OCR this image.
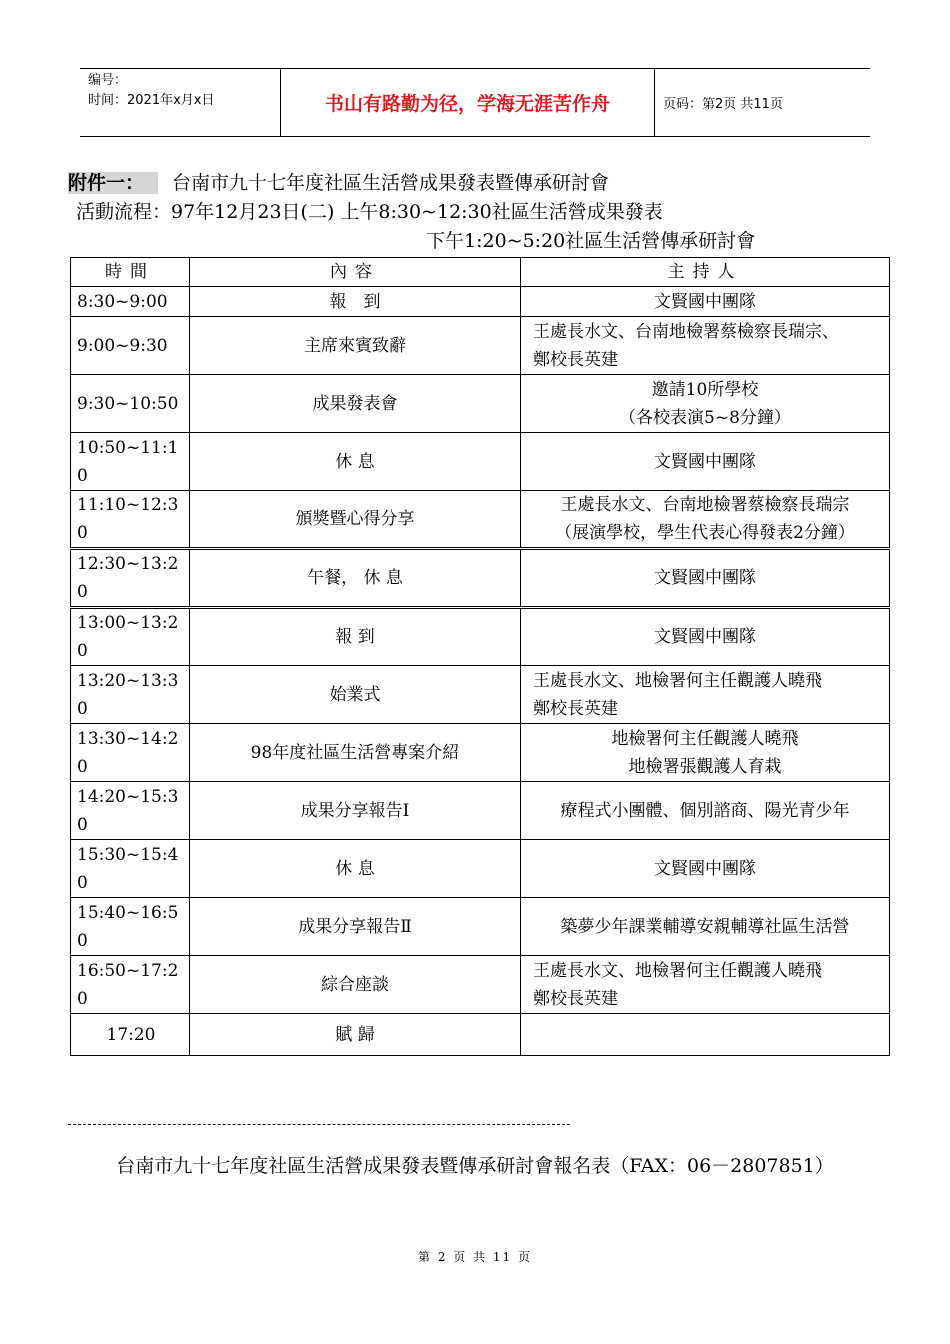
编号：
时间：2021年x月x日	书山有路勤为径，学海无涯苦作舟	页码：第2页 共11页
附件一： 台南市九十七年度社區生活營成果發表暨傳承研討會
活動流程：97年12月23日(二) 上午8:30~12:30社區生活營成果發表
下午1:20~5:20社區生活營傳承研討會
時間	內容	主持人
8:30~9:00	報　到	文賢國中團隊

9:00~9:30	主席來賓致辭	王處長水文、台南地檢署蔡檢察長瑞宗、
鄭校長英建

9:30~10:50	成果發表會	邀請10所學校
（各校表演5~8分鐘）

10:50~11:10	休 息	文賢國中團隊

11:10~12:30	頒獎暨心得分享	王處長水文、台南地檢署蔡檢察長瑞宗
（展演學校，學生代表心得發表2分鐘）

12:30~13:20	午餐， 休 息	文賢國中團隊

13:00~13:20	報 到	文賢國中團隊

13:20~13:30	始業式	王處長水文、地檢署何主任觀護人曉飛
鄭校長英建

13:30~14:20	98年度社區生活營專案介紹	地檢署何主任觀護人曉飛
地檢署張觀護人育栽

14:20~15:30	成果分享報告I	療程式小團體、個別諮商、陽光青少年

15:30~15:40	休 息	文賢國中團隊

15:40~16:50	成果分享報告Ⅱ	築夢少年課業輔導安親輔導社區生活營

16:50~17:20	綜合座談	王處長水文、地檢署何主任觀護人曉飛
鄭校長英建

17:20	賦 歸	
台南市九十七年度社區生活營成果發表暨傳承研討會報名表（FAX：06－2807851）
第 2 页 共 11 页
